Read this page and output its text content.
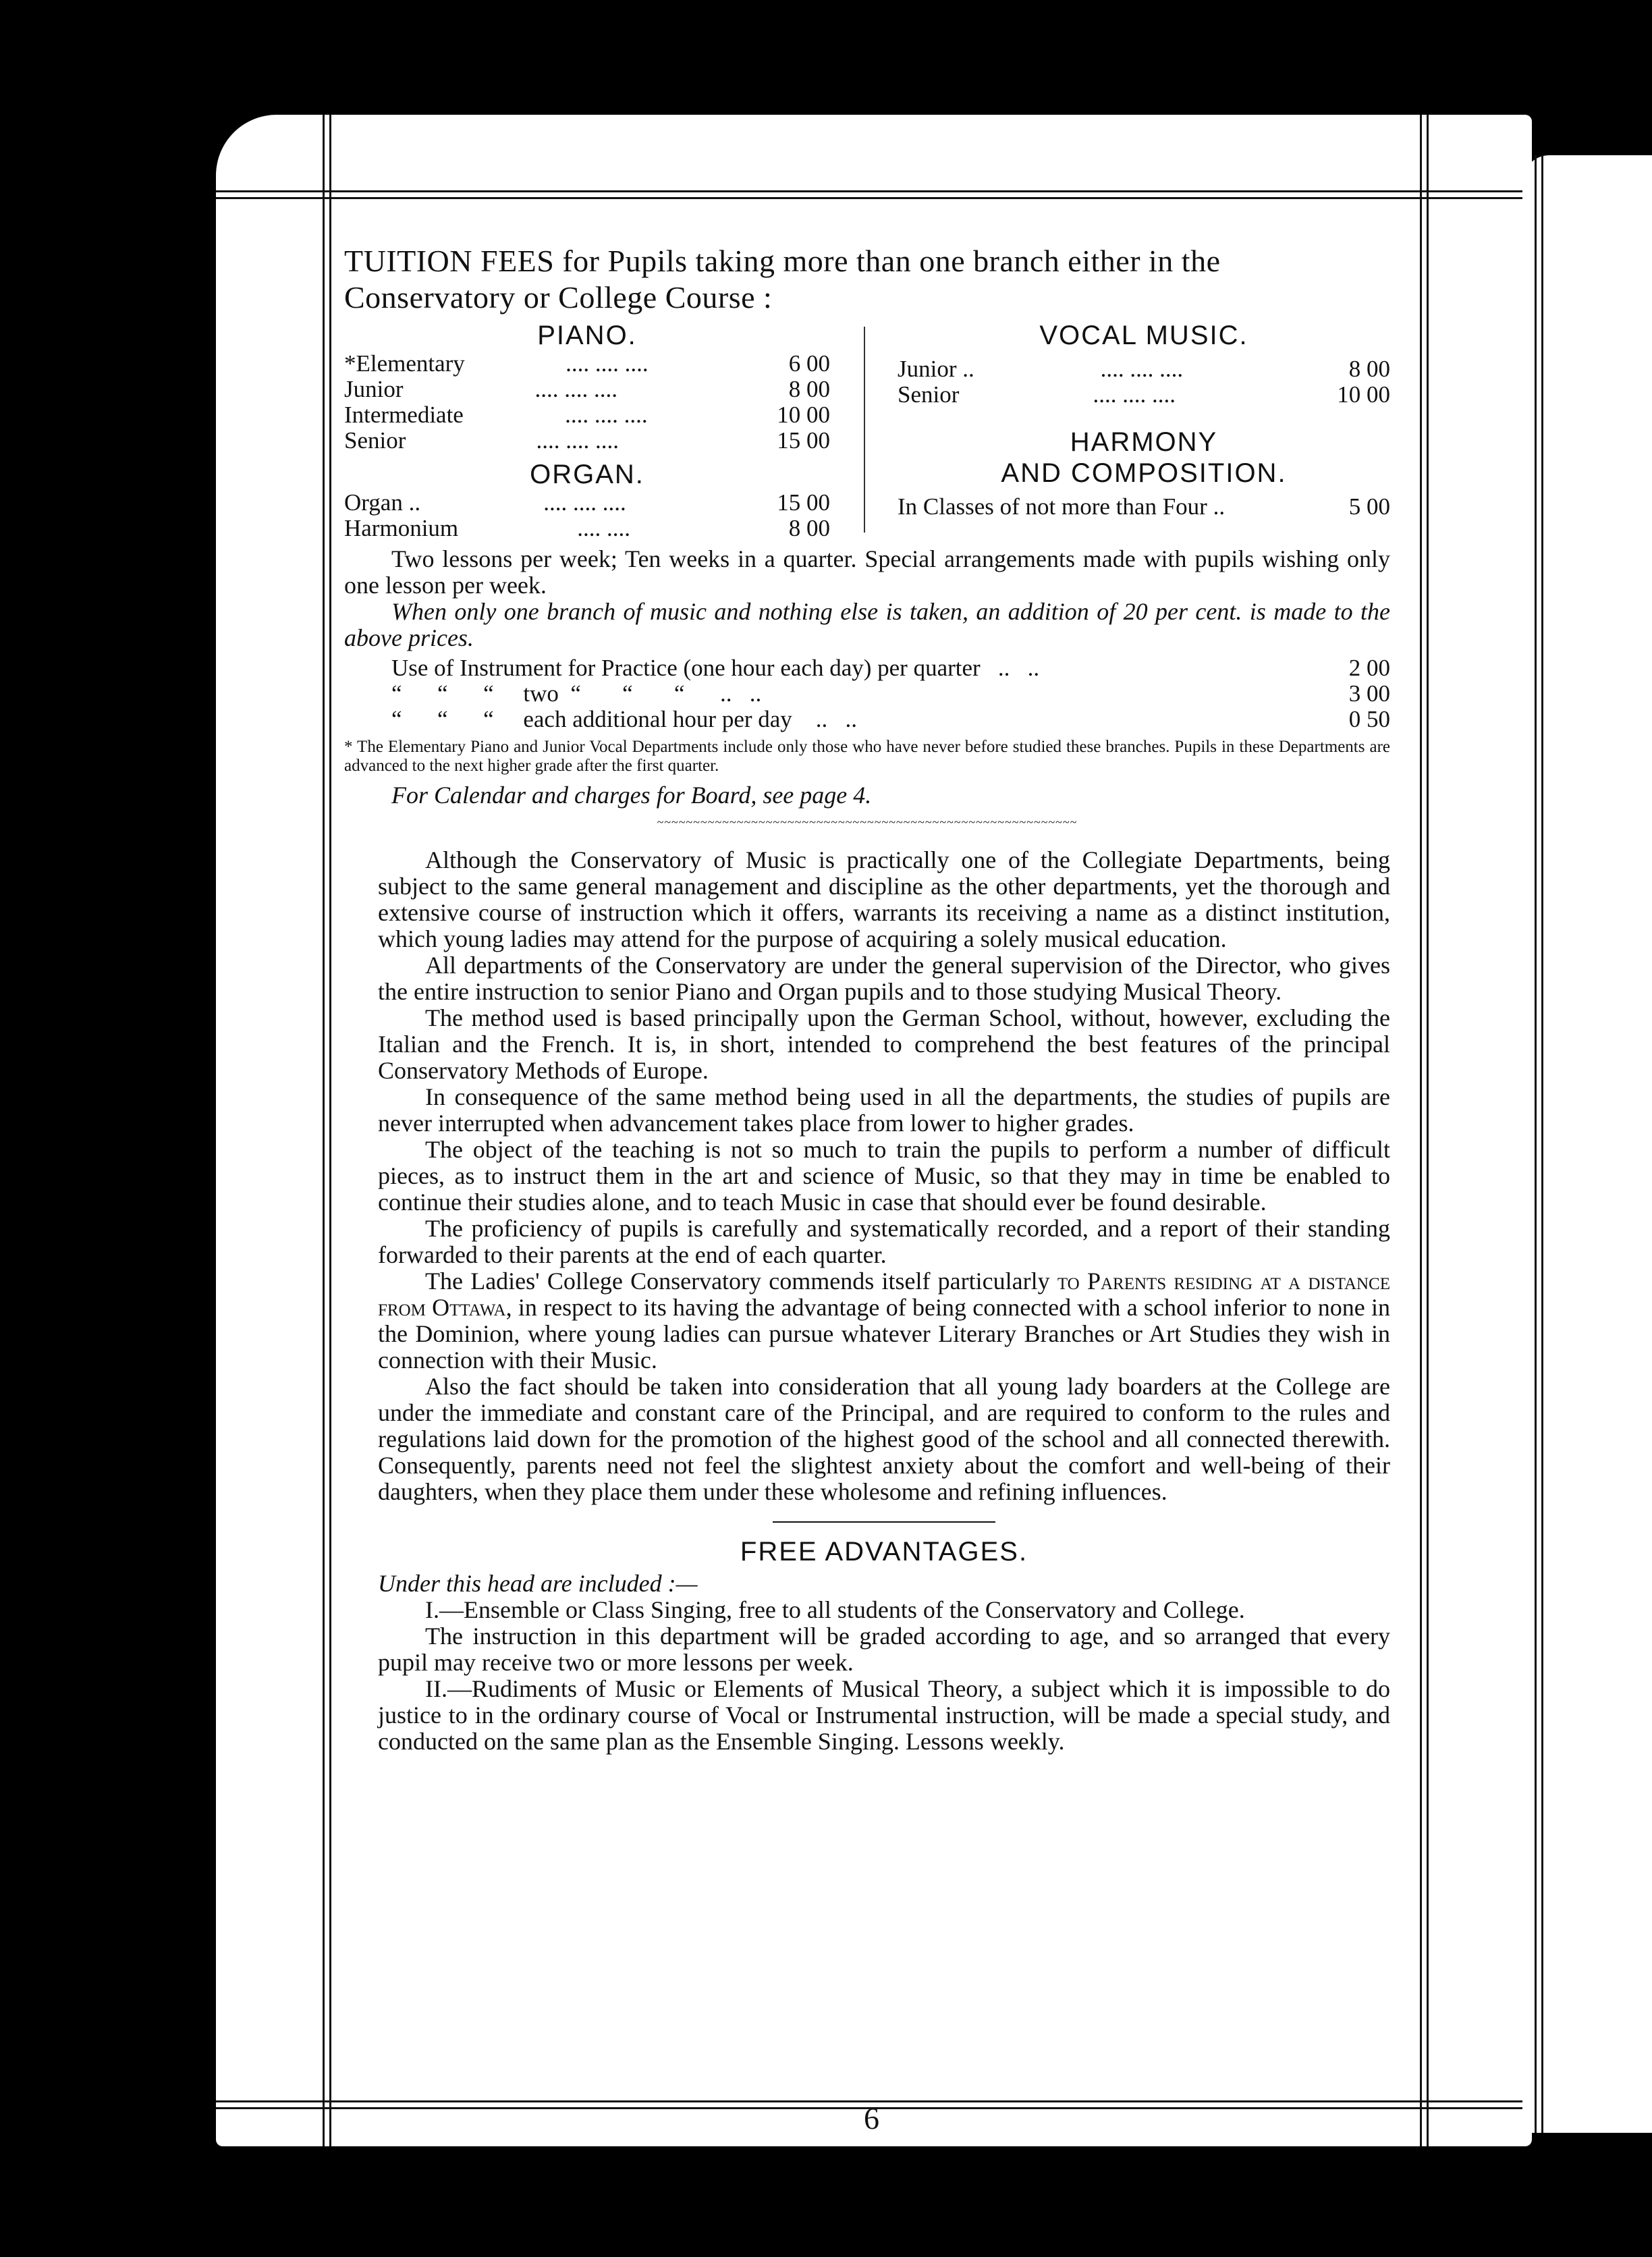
TUITION FEES for Pupils taking more than one branch either in the Conservatory or College Course :
PIANO.
*Elementary	.... .... ....	6 00
Junior	.... .... ....	8 00
Intermediate	.... .... ....	10 00
Senior	.... .... ....	15 00
ORGAN.
Organ ..	.... .... ....	15 00
Harmonium	.... ....	8 00
VOCAL MUSIC.
Junior ..	.... .... ....	8 00
Senior	.... .... ....	10 00
HARMONY
AND COMPOSITION.
In Classes of not more than Four ..	5 00

Two lessons per week; Ten weeks in a quarter. Special arrangements made with pupils wishing only one lesson per week.

When only one branch of music and nothing else is taken, an addition of 20 per cent. is made to the above prices.

Use of Instrument for Practice (one hour each day) per quarter   ..   ..	2 00
“      “      “     two  “       “       “      ..   ..	3 00
“      “      “     each additional hour per day    ..   ..	0 50
* The Elementary Piano and Junior Vocal Departments include only those who have never before studied these branches. Pupils in these Departments are advanced to the next higher grade after the first quarter.

For Calendar and charges for Board, see page 4.

~~~~~~~~~~~~~~~~~~~~~~~~~~~~~~~~~~~~~~~~~~~~~~~~~~~~~~~~~~

Although the Conservatory of Music is practically one of the Collegiate Departments, being subject to the same general management and discipline as the other departments, yet the thorough and extensive course of instruction which it offers, warrants its receiving a name as a distinct institution, which young ladies may attend for the purpose of acquiring a solely musical education.

All departments of the Conservatory are under the general supervision of the Director, who gives the entire instruction to senior Piano and Organ pupils and to those studying Musical Theory.

The method used is based principally upon the German School, without, however, excluding the Italian and the French. It is, in short, intended to comprehend the best features of the principal Conservatory Methods of Europe.

In consequence of the same method being used in all the departments, the studies of pupils are never interrupted when advancement takes place from lower to higher grades.

The object of the teaching is not so much to train the pupils to perform a number of difficult pieces, as to instruct them in the art and science of Music, so that they may in time be enabled to continue their studies alone, and to teach Music in case that should ever be found desirable.

The proficiency of pupils is carefully and systematically recorded, and a report of their standing forwarded to their parents at the end of each quarter.

The Ladies' College Conservatory commends itself particularly to Parents residing at a distance from Ottawa, in respect to its having the advantage of being connected with a school inferior to none in the Dominion, where young ladies can pursue whatever Literary Branches or Art Studies they wish in connection with their Music.

Also the fact should be taken into consideration that all young lady boarders at the College are under the immediate and constant care of the Principal, and are required to conform to the rules and regulations laid down for the promotion of the highest good of the school and all connected therewith. Consequently, parents need not feel the slightest anxiety about the comfort and well-being of their daughters, when they place them under these wholesome and refining influences.

FREE ADVANTAGES.
Under this head are included :—

I.—Ensemble or Class Singing, free to all students of the Conservatory and College.

The instruction in this department will be graded according to age, and so arranged that every pupil may receive two or more lessons per week.

II.—Rudiments of Music or Elements of Musical Theory, a subject which it is impossible to do justice to in the ordinary course of Vocal or Instrumental instruction, will be made a special study, and conducted on the same plan as the Ensemble Singing. Lessons weekly.

6
